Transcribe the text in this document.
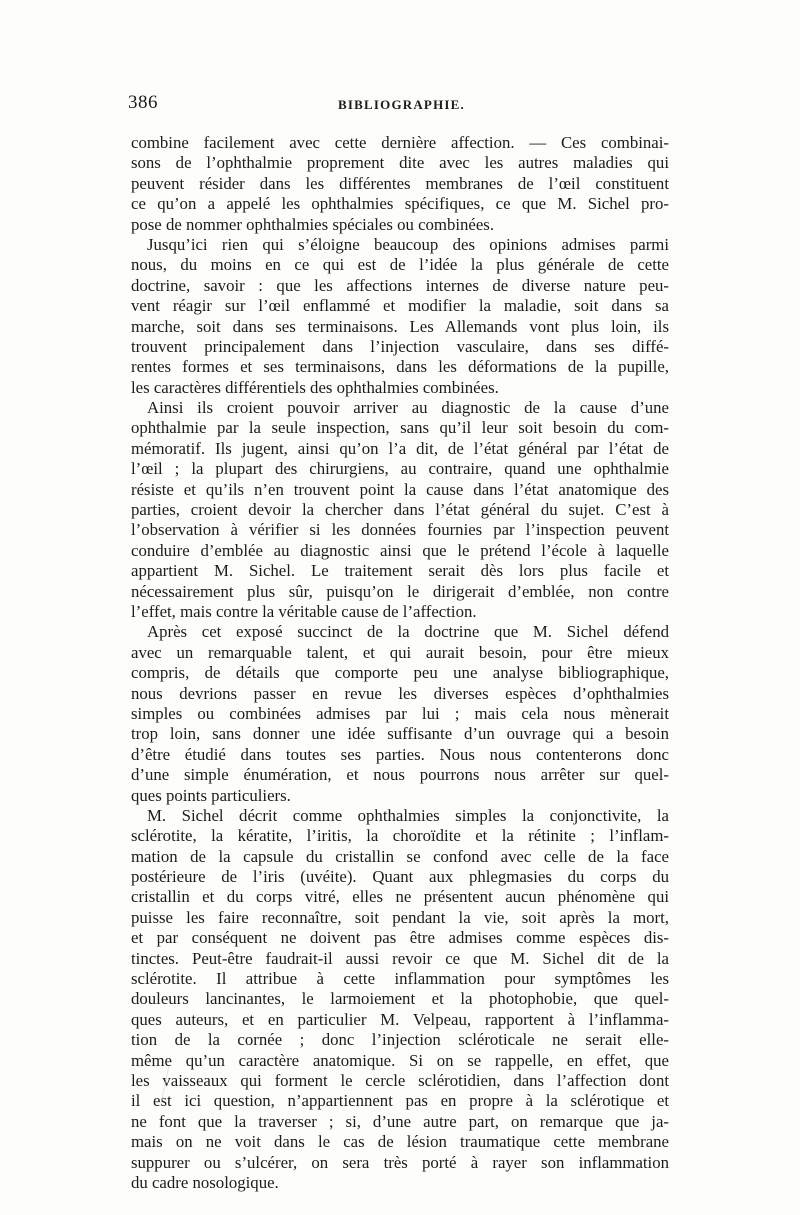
386	BIBLIOGRAPHIE.
combine facilement avec cette dernière affection. — Ces combinai-
sons de l’ophthalmie proprement dite avec les autres maladies qui
peuvent résider dans les différentes membranes de l’œil constituent
ce qu’on a appelé les ophthalmies spécifiques, ce que M. Sichel pro-
pose de nommer ophthalmies spéciales ou combinées.
Jusqu’ici rien qui s’éloigne beaucoup des opinions admises parmi
nous, du moins en ce qui est de l’idée la plus générale de cette
doctrine, savoir : que les affections internes de diverse nature peu-
vent réagir sur l’œil enflammé et modifier la maladie, soit dans sa
marche, soit dans ses terminaisons. Les Allemands vont plus loin, ils
trouvent principalement dans l’injection vasculaire, dans ses diffé-
rentes formes et ses terminaisons, dans les déformations de la pupille,
les caractères différentiels des ophthalmies combinées.
Ainsi ils croient pouvoir arriver au diagnostic de la cause d’une
ophthalmie par la seule inspection, sans qu’il leur soit besoin du com-
mémoratif. Ils jugent, ainsi qu’on l’a dit, de l’état général par l’état de
l’œil ; la plupart des chirurgiens, au contraire, quand une ophthalmie
résiste et qu’ils n’en trouvent point la cause dans l’état anatomique des
parties, croient devoir la chercher dans l’état général du sujet. C’est à
l’observation à vérifier si les données fournies par l’inspection peuvent
conduire d’emblée au diagnostic ainsi que le prétend l’école à laquelle
appartient M. Sichel. Le traitement serait dès lors plus facile et
nécessairement plus sûr, puisqu’on le dirigerait d’emblée, non contre
l’effet, mais contre la véritable cause de l’affection.
Après cet exposé succinct de la doctrine que M. Sichel défend
avec un remarquable talent, et qui aurait besoin, pour être mieux
compris, de détails que comporte peu une analyse bibliographique,
nous devrions passer en revue les diverses espèces d’ophthalmies
simples ou combinées admises par lui ; mais cela nous mènerait
trop loin, sans donner une idée suffisante d’un ouvrage qui a besoin
d’être étudié dans toutes ses parties. Nous nous contenterons donc
d’une simple énumération, et nous pourrons nous arrêter sur quel-
ques points particuliers.
M. Sichel décrit comme ophthalmies simples la conjonctivite, la
sclérotite, la kératite, l’iritis, la choroïdite et la rétinite ; l’inflam-
mation de la capsule du cristallin se confond avec celle de la face
postérieure de l’iris (uvéite). Quant aux phlegmasies du corps du
cristallin et du corps vitré, elles ne présentent aucun phénomène qui
puisse les faire reconnaître, soit pendant la vie, soit après la mort,
et par conséquent ne doivent pas être admises comme espèces dis-
tinctes. Peut-être faudrait-il aussi revoir ce que M. Sichel dit de la
sclérotite. Il attribue à cette inflammation pour symptômes les
douleurs lancinantes, le larmoiement et la photophobie, que quel-
ques auteurs, et en particulier M. Velpeau, rapportent à l’inflamma-
tion de la cornée ; donc l’injection scléroticale ne serait elle-
même qu’un caractère anatomique. Si on se rappelle, en effet, que
les vaisseaux qui forment le cercle sclérotidien, dans l’affection dont
il est ici question, n’appartiennent pas en propre à la sclérotique et
ne font que la traverser ; si, d’une autre part, on remarque que ja-
mais on ne voit dans le cas de lésion traumatique cette membrane
suppurer ou s’ulcérer, on sera très porté à rayer son inflammation
du cadre nosologique.
